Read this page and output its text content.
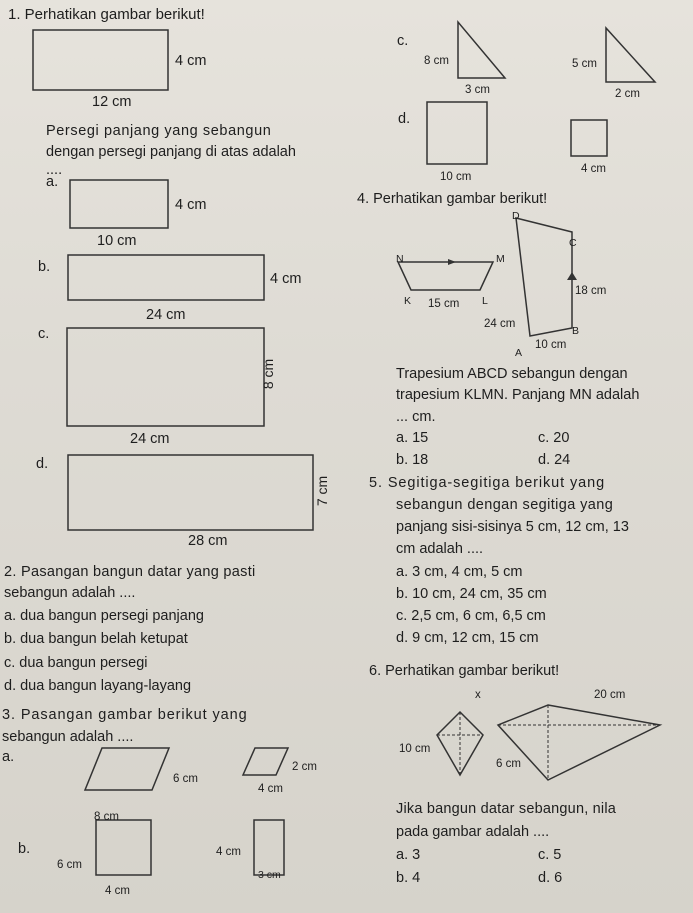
1. Perhatikan gambar berikut!
4 cm
12 cm
Persegi panjang yang sebangun
dengan persegi panjang di atas adalah
....
a.
4 cm
10 cm
b.
4 cm
24 cm
c.
8 cm
24 cm
d.
7 cm
28 cm
c.
8 cm
3 cm
5 cm
2 cm
d.
10 cm
4 cm
2. Pasangan bangun datar yang pasti
sebangun adalah ....
a. dua bangun persegi panjang
b. dua bangun belah ketupat
c. dua bangun persegi
d. dua bangun layang-layang
3. Pasangan gambar berikut yang
sebangun adalah ....
a.
6 cm
8 cm
2 cm
4 cm
b.
6 cm
4 cm
4 cm
3 cm
4. Perhatikan gambar berikut!
D
C
N	M
K	L
15 cm
18 cm
24 cm
B
10 cm
A
Trapesium ABCD sebangun dengan
trapesium KLMN. Panjang MN adalah
... cm.
a. 15	c. 20
b. 18	d. 24
5. Segitiga-segitiga berikut yang
sebangun dengan segitiga yang
panjang sisi-sisinya 5 cm, 12 cm, 13
cm adalah ....
a. 3 cm, 4 cm, 5 cm
b. 10 cm, 24 cm, 35 cm
c. 2,5 cm, 6 cm, 6,5 cm
d. 9 cm, 12 cm, 15 cm
6. Perhatikan gambar berikut!
x	20 cm
10 cm
6 cm
Jika bangun datar sebangun, nila
pada gambar adalah ....
a. 3	c. 5
b. 4	d. 6
